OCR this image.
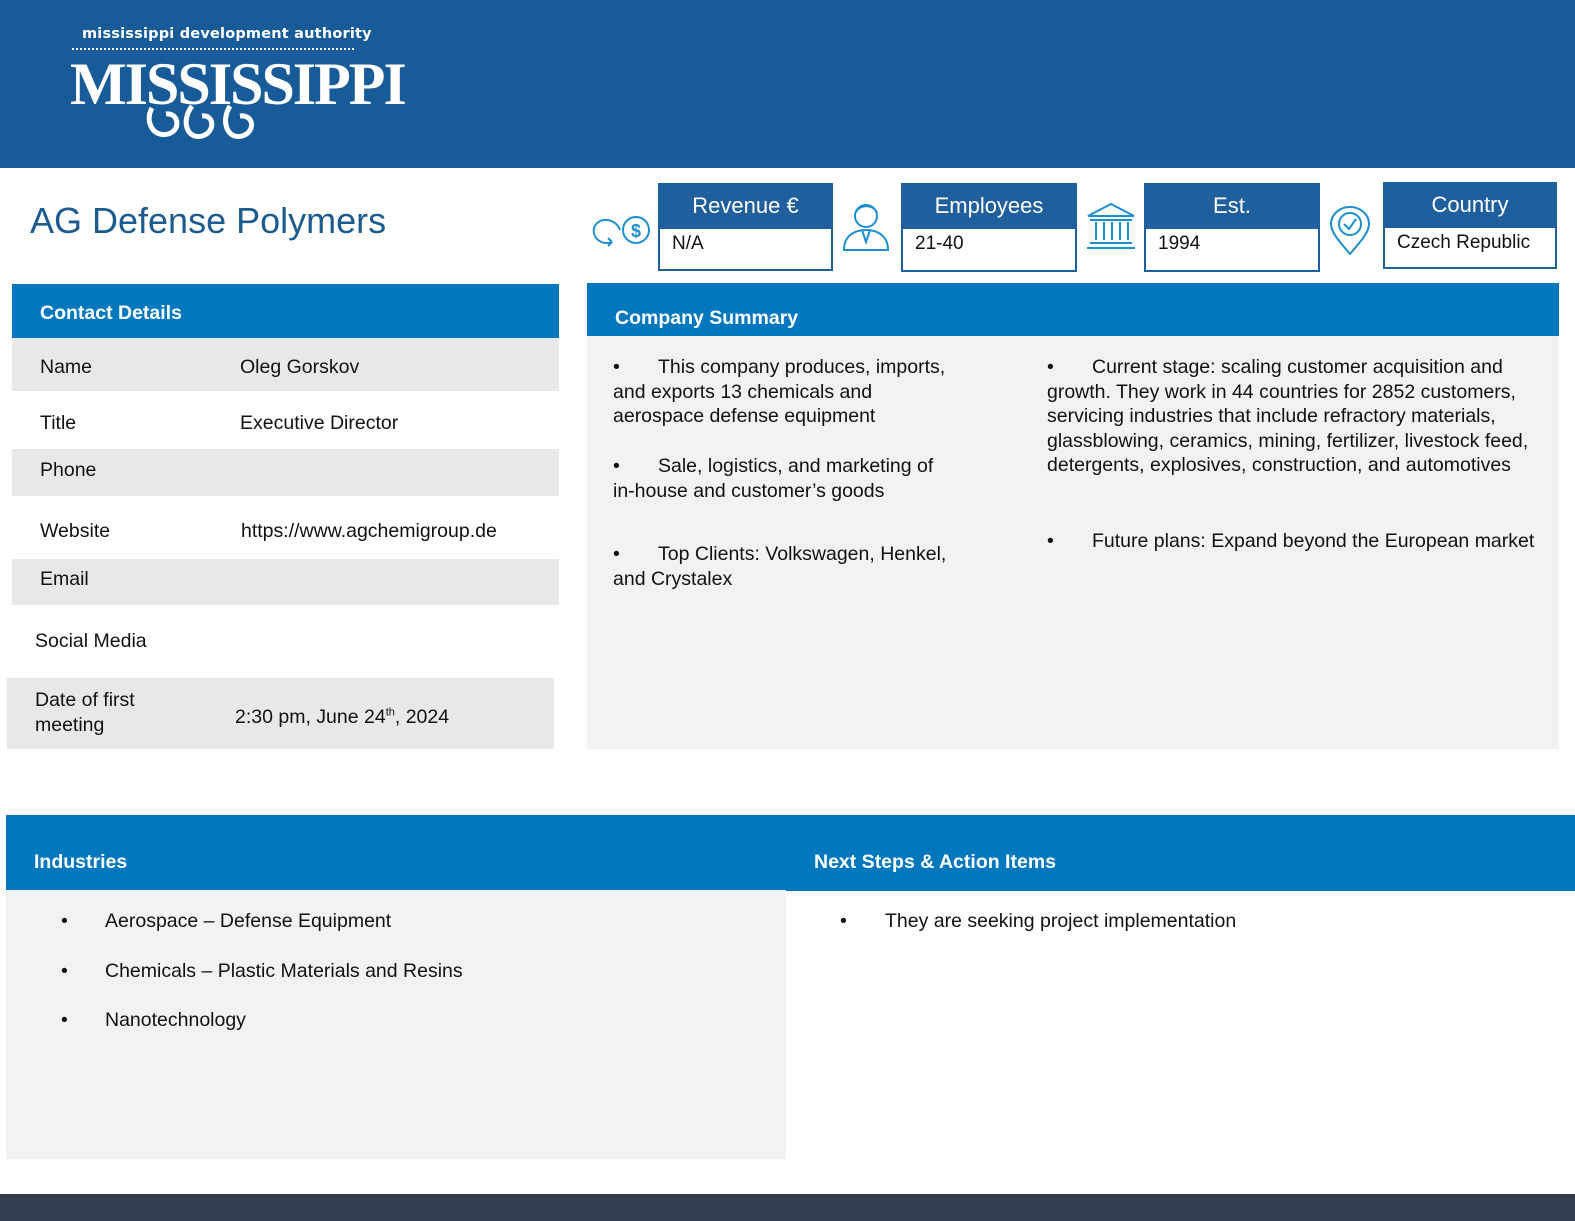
mississippi development authority
MISSISSIPPI
AG Defense Polymers	$
Revenue €
N/A
Employees
21-40
Est.
1994
Country
Czech Republic
Contact Details
Name	Oleg Gorskov
Title	Executive Director
Phone
Website	https://www.agchemigroup.de
Email
Social Media
Date of first
meeting	2:30 pm, June 24th, 2024
Company Summary
• This company produces, imports, and exports 13 chemicals and aerospace defense equipment
• Sale, logistics, and marketing of in-house and customer’s goods
• Top Clients: Volkswagen, Henkel, and Crystalex
• Current stage: scaling customer acquisition and growth. They work in 44 countries for 2852 customers, servicing industries that include refractory materials, glassblowing, ceramics, mining, fertilizer, livestock feed, detergents, explosives, construction, and automotives
• Future plans: Expand beyond the European market
Industries	Next Steps & Action Items
• Aerospace – Defense Equipment
• Chemicals – Plastic Materials and Resins
• Nanotechnology
• They are seeking project implementation
